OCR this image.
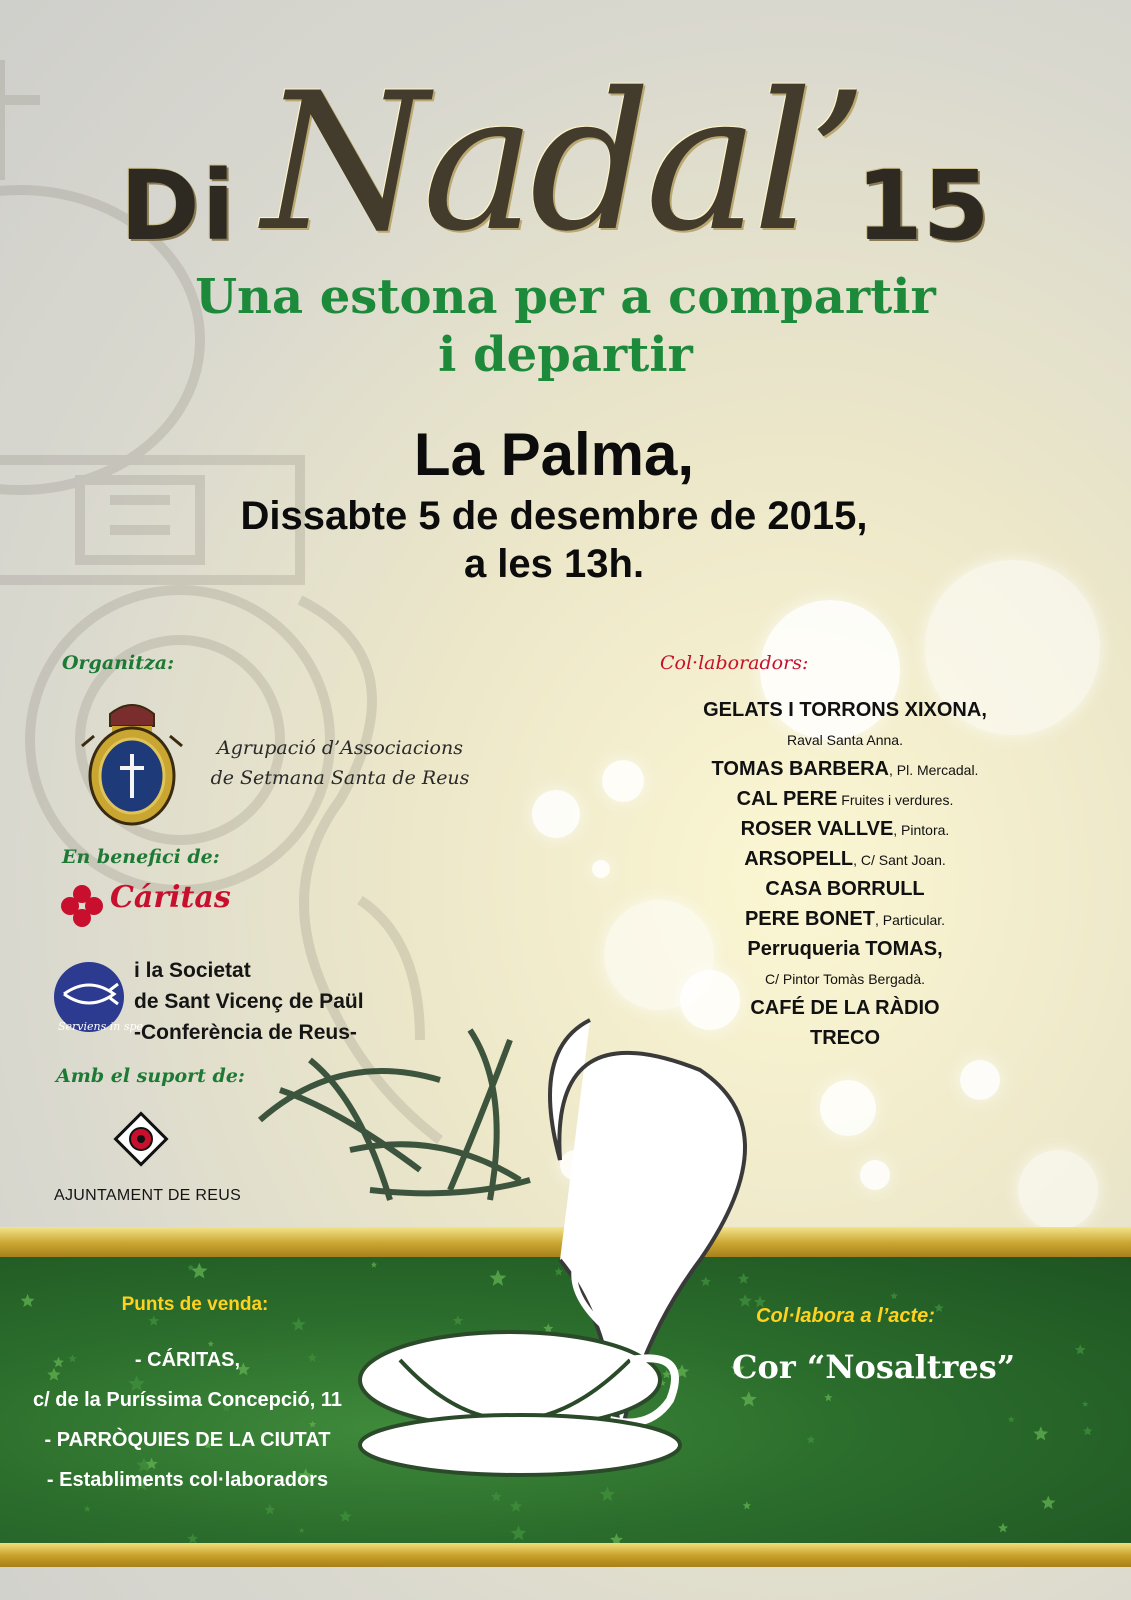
Nadal’
Di	15
Una estona per a compartir
i departir
La Palma,
Dissabte 5 de desembre de 2015,
a les 13h.
Organitza:
Agrupació d’Associacions
de Setmana Santa de Reus
En benefici de:
Cáritas
Serviens in spe
i la Societat
de Sant Vicenç de Paül
-Conferència de Reus-
Amb el suport de:
AJUNTAMENT DE REUS
Col·laboradors:
GELATS I TORRONS XIXONA,
Raval Santa Anna.
TOMAS BARBERA, Pl. Mercadal.
CAL PERE Fruites i verdures.
ROSER VALLVE, Pintora.
ARSOPELL, C/ Sant Joan.
CASA BORRULL
PERE BONET, Particular.
Perruqueria TOMAS,
C/ Pintor Tomàs Bergadà.
CAFÉ DE LA RÀDIO
TRECO
Punts de venda:
- CÁRITAS,
c/ de la Puríssima Concepció, 11
- PARRÒQUIES DE LA CIUTAT
- Establiments col·laboradors
Col·labora a l’acte:
Cor “Nosaltres”
